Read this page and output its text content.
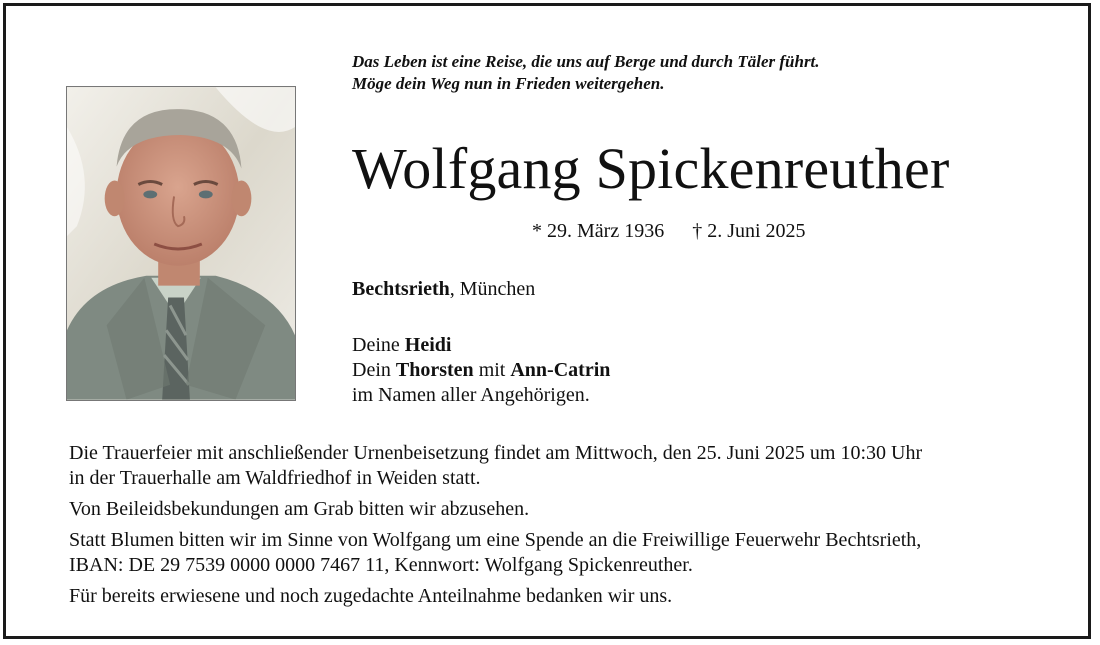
Das Leben ist eine Reise, die uns auf Berge und durch Täler führt.
Möge dein Weg nun in Frieden weitergehen.
Wolfgang Spickenreuther
* 29. März 1936 † 2. Juni 2025
Bechtsrieth, München
Deine Heidi
Dein Thorsten mit Ann-Catrin
im Namen aller Angehörigen.

Die Trauerfeier mit anschließender Urnenbeisetzung findet am Mittwoch, den 25. Juni 2025 um 10:30 Uhr
in der Trauerhalle am Waldfriedhof in Weiden statt.

Von Beileidsbekundungen am Grab bitten wir abzusehen.

Statt Blumen bitten wir im Sinne von Wolfgang um eine Spende an die Freiwillige Feuerwehr Bechtsrieth,
IBAN: DE 29 7539 0000 0000 7467 11, Kennwort: Wolfgang Spickenreuther.

Für bereits erwiesene und noch zugedachte Anteilnahme bedanken wir uns.
